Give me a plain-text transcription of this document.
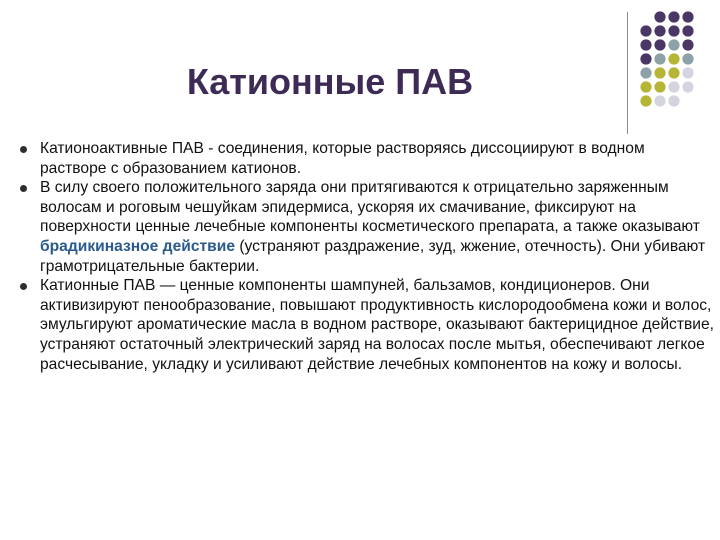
Катионные ПАВ
Катионоактивные ПАВ - соединения, которые растворяясь диссоциируют в водном растворе с образованием катионов.
В силу своего положительного заряда они притягиваются к отрицательно заряженным волосам и роговым чешуйкам эпидермиса, ускоряя их смачивание, фиксируют на поверхности ценные лечебные компоненты косметического препарата, а также оказывают брадикиназное действие (устраняют раздражение, зуд, жжение, отечность). Они убивают грамотрицательные бактерии.
Катионные ПАВ — ценные компоненты шампуней, бальзамов, кондиционеров. Они активизируют пенообразование, повышают продуктивность кислородообмена кожи и волос, эмульгируют ароматические масла в водном растворе, оказывают бактерицидное действие, устраняют остаточный электрический заряд на волосах после мытья, обеспечивают легкое расчесывание, укладку и усиливают действие лечебных компонентов на кожу и волосы.
